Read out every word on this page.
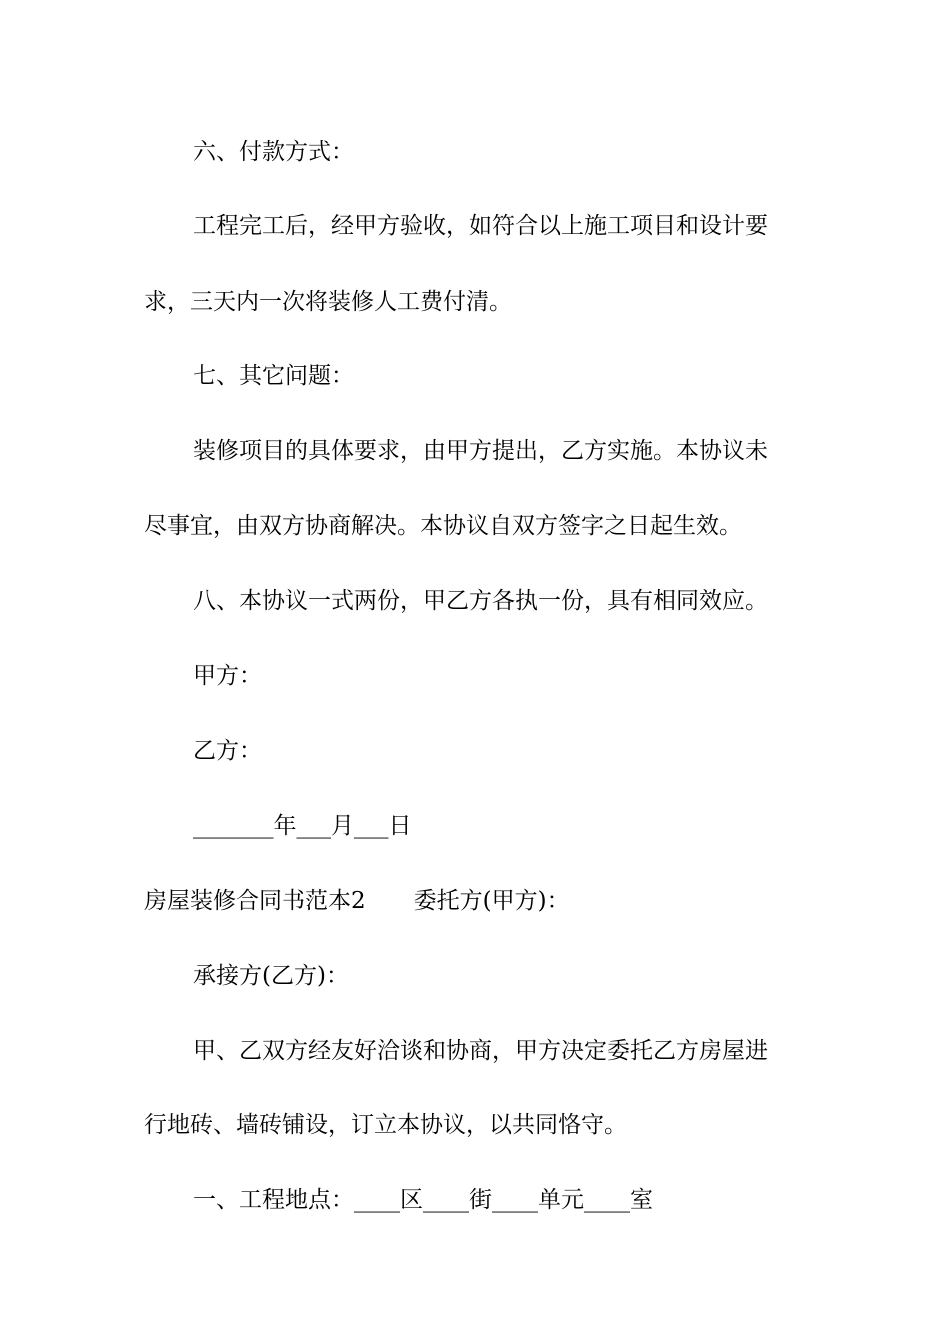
六、付款方式：

工程完工后，经甲方验收，如符合以上施工项目和设计要

求，三天内一次将装修人工费付清。

七、其它问题：

装修项目的具体要求，由甲方提出，乙方实施。本协议未

尽事宜，由双方协商解决。本协议自双方签字之日起生效。

八、本协议一式两份，甲乙方各执一份，具有相同效应。

甲方：

乙方：

_______年___月___日

房屋装修合同书范本2 委托方(甲方)：

承接方(乙方)：

甲、乙双方经友好洽谈和协商，甲方决定委托乙方房屋进

行地砖、墙砖铺设，订立本协议，以共同恪守。

一、工程地点：____区____街____单元____室
